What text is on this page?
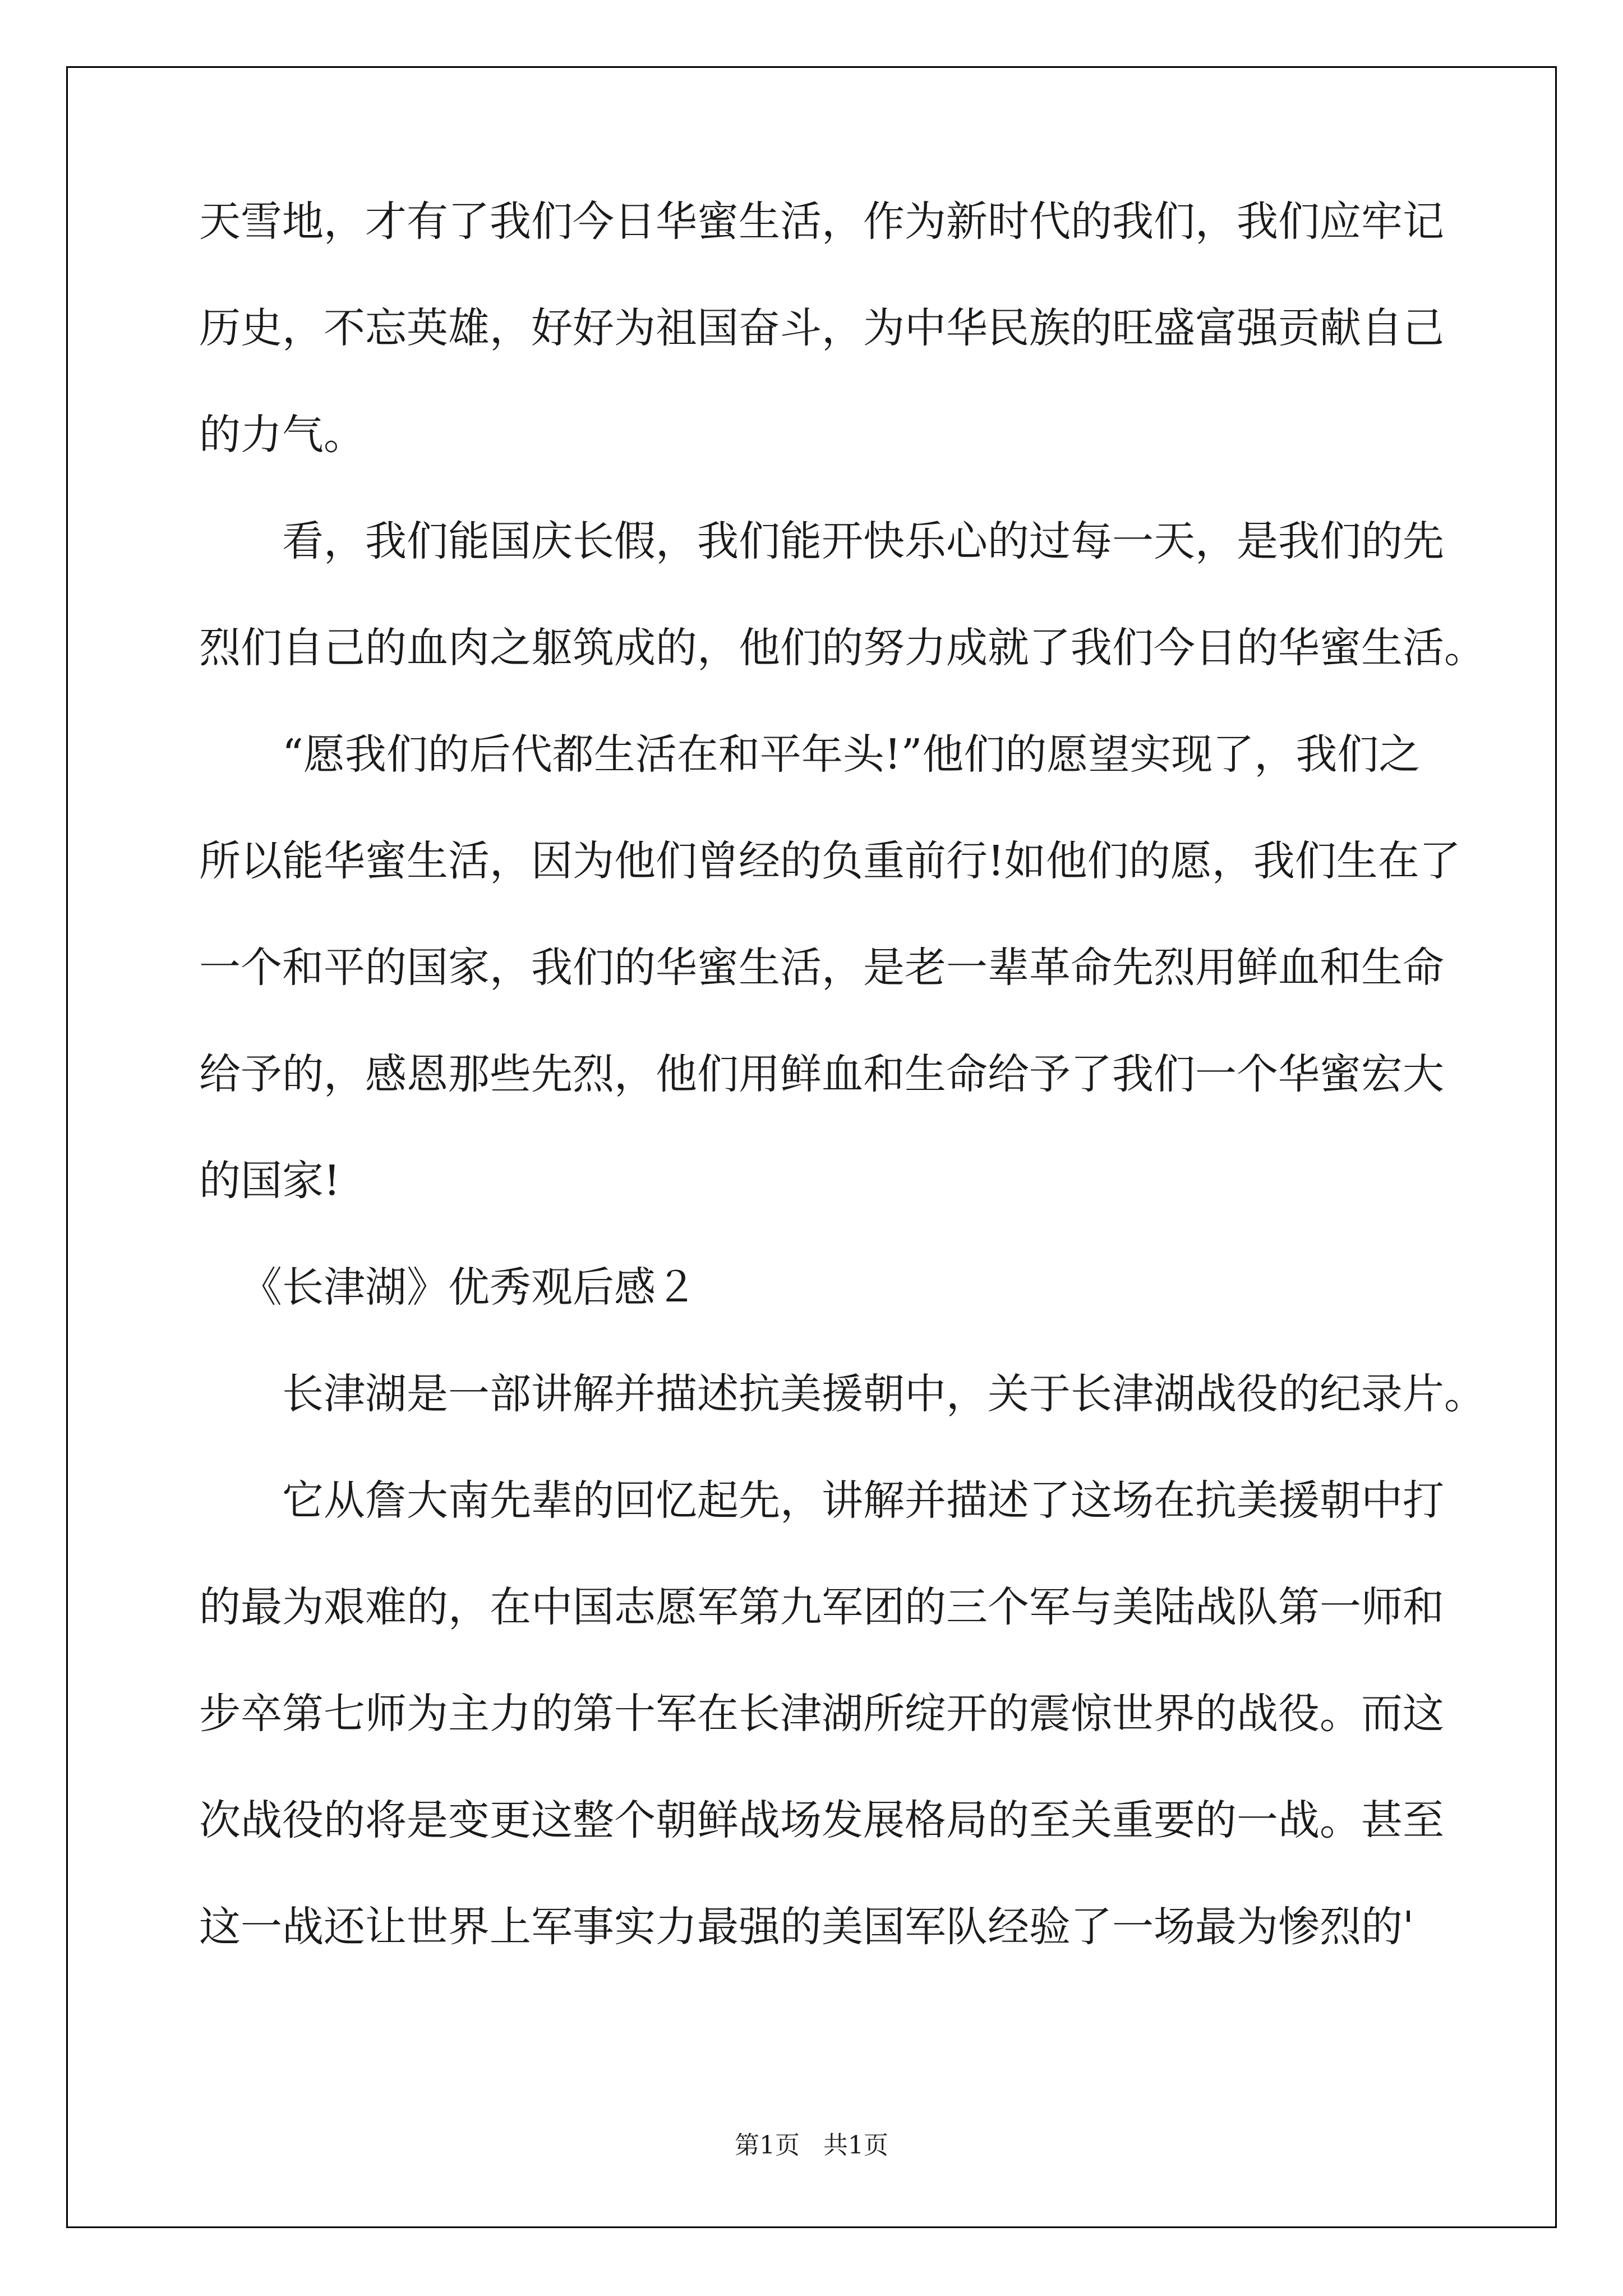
天雪地，才有了我们今日华蜜生活，作为新时代的我们，我们应牢记
历史，不忘英雄，好好为祖国奋斗，为中华民族的旺盛富强贡献自己
的力气。
看，我们能国庆长假，我们能开快乐心的过每一天，是我们的先
烈们自己的血肉之躯筑成的，他们的努力成就了我们今日的华蜜生活。
“愿我们的后代都生活在和平年头!”他们的愿望实现了，我们之
所以能华蜜生活，因为他们曾经的负重前行!如他们的愿，我们生在了
一个和平的国家，我们的华蜜生活，是老一辈革命先烈用鲜血和生命
给予的，感恩那些先烈，他们用鲜血和生命给予了我们一个华蜜宏大
的国家!
《长津湖》优秀观后感２
长津湖是一部讲解并描述抗美援朝中，关于长津湖战役的纪录片。
它从詹大南先辈的回忆起先，讲解并描述了这场在抗美援朝中打
的最为艰难的，在中国志愿军第九军团的三个军与美陆战队第一师和
步卒第七师为主力的第十军在长津湖所绽开的震惊世界的战役。而这
次战役的将是变更这整个朝鲜战场发展格局的至关重要的一战。甚至
这一战还让世界上军事实力最强的美国军队经验了一场最为惨烈的'
第1页   共1页
